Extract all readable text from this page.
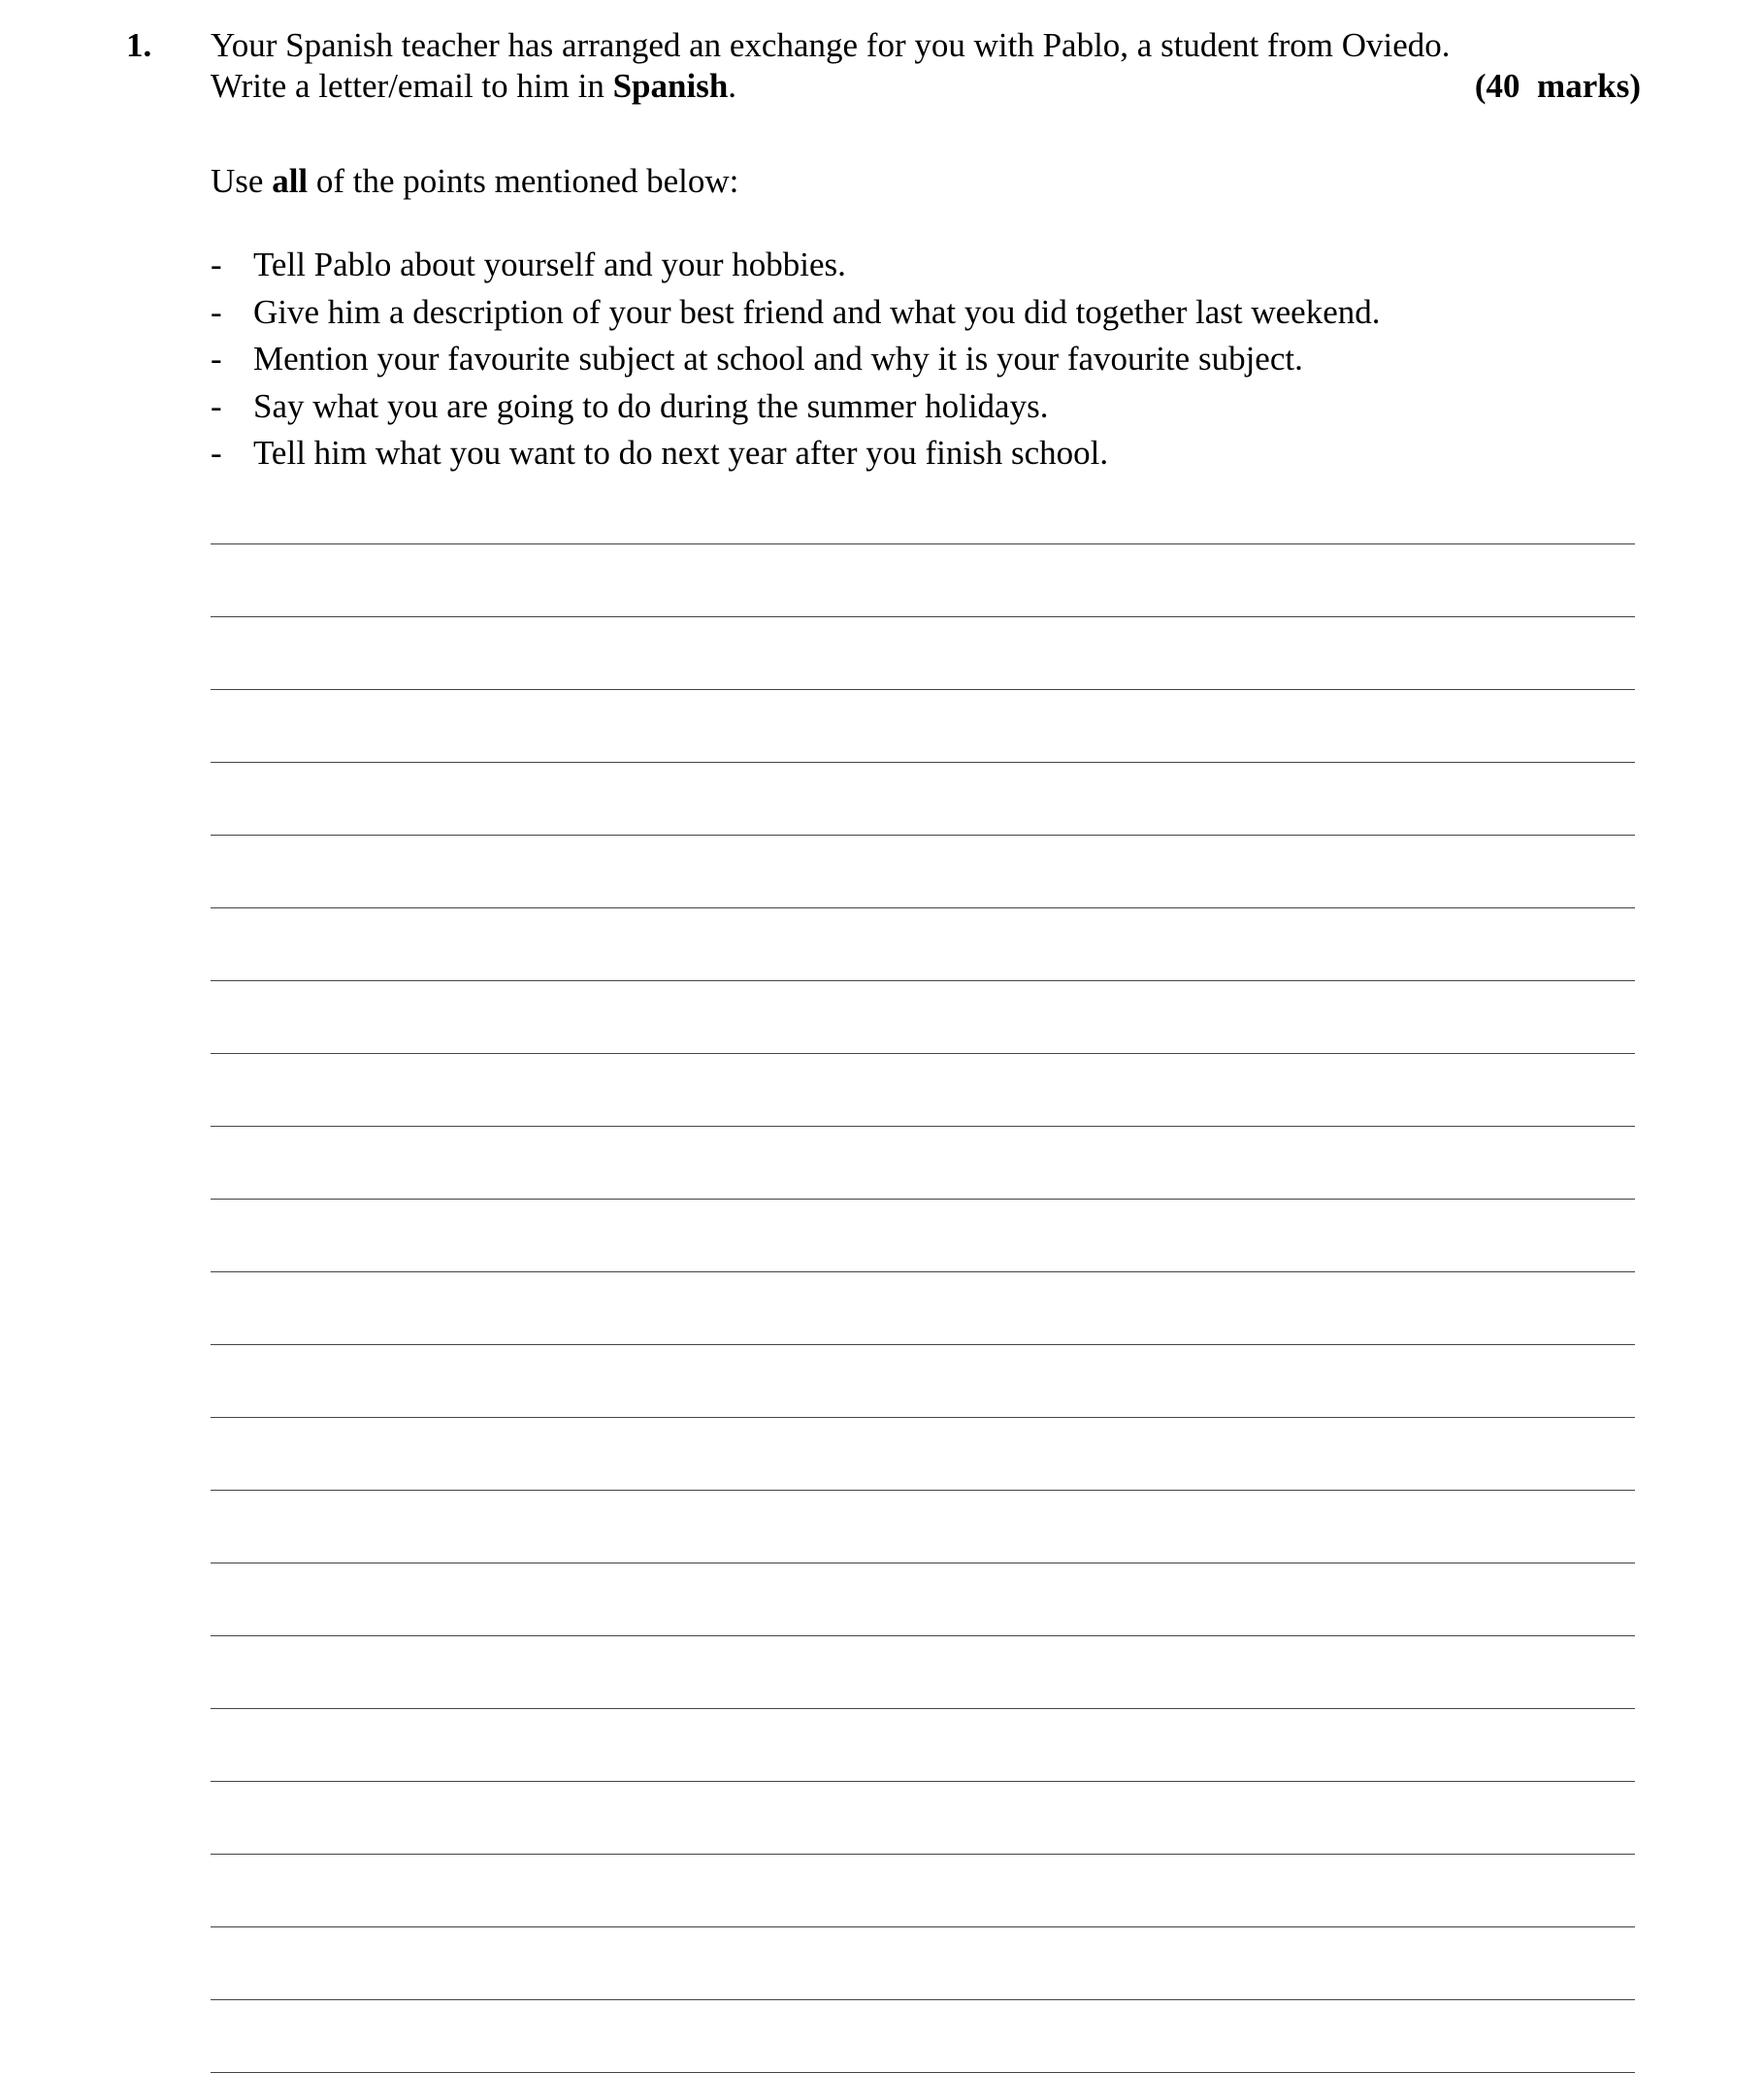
1. Your Spanish teacher has arranged an exchange for you with Pablo, a student from Oviedo.
Write a letter/email to him in Spanish.	(40  marks)
Use all of the points mentioned below:
- Tell Pablo about yourself and your hobbies.
- Give him a description of your best friend and what you did together last weekend.
- Mention your favourite subject at school and why it is your favourite subject.
- Say what you are going to do during the summer holidays.
- Tell him what you want to do next year after you finish school.
